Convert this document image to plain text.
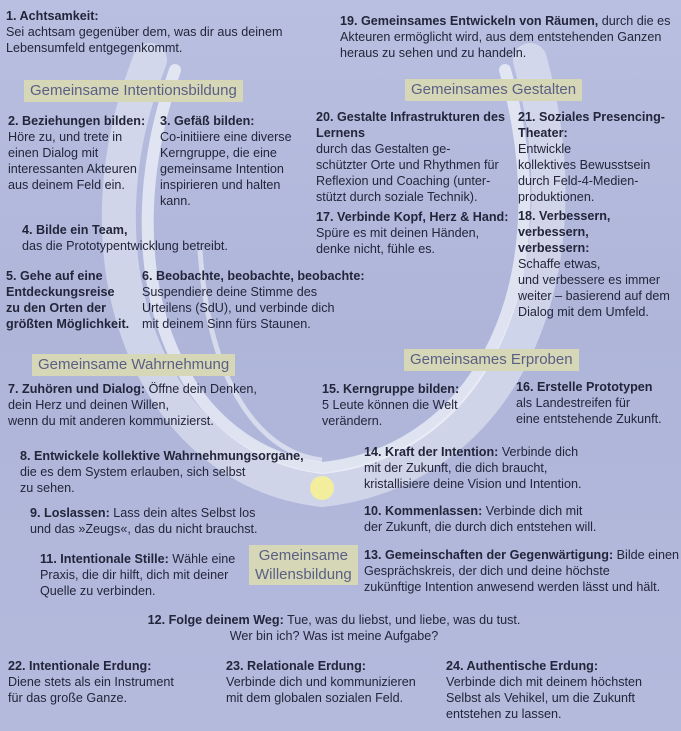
Gemeinsame Intentionsbildung	Gemeinsames Gestalten
Gemeinsame Wahrnehmung	Gemeinsames Erproben
Gemeinsame
Willensbildung
1. Achtsamkeit:
Sei achtsam gegenüber dem, was dir aus deinem
Lebensumfeld entgegenkommt.
19. Gemeinsames Entwickeln von Räumen, durch die es
Akteuren ermöglicht wird, aus dem entstehenden Ganzen
heraus zu sehen und zu handeln.
2. Beziehungen bilden:
Höre zu, und trete in
einen Dialog mit
interessanten Akteuren
aus deinem Feld ein.
3. Gefäß bilden:
Co-initiiere eine diverse
Kerngruppe, die eine
gemeinsame Intention
inspirieren und halten
kann.
20. Gestalte Infrastrukturen des
Lernens
durch das Gestalten ge-
schützter Orte und Rhythmen für
Reflexion und Coaching (unter-
stützt durch soziale Technik).
21. Soziales Presencing-
Theater:
Entwickle
kollektives Bewusstsein
durch Feld-4-Medien-
produktionen.
4. Bilde ein Team,
das die Prototypentwicklung betreibt.
17. Verbinde Kopf, Herz & Hand:
Spüre es mit deinen Händen,
denke nicht, fühle es.
18. Verbessern, verbessern,
verbessern:
Schaffe etwas,
und verbessere es immer
weiter – basierend auf dem
Dialog mit dem Umfeld.
5. Gehe auf eine
Entdeckungsreise
zu den Orten der
größten Möglichkeit.
6. Beobachte, beobachte, beobachte:
Suspendiere deine Stimme des
Urteilens (SdU), und verbinde dich
mit deinem Sinn fürs Staunen.
7. Zuhören und Dialog: Öffne dein Denken,
dein Herz und deinen Willen,
wenn du mit anderen kommunizierst.
15. Kerngruppe bilden:
5 Leute können die Welt
verändern.
16. Erstelle Prototypen
als Landestreifen für
eine entstehende Zukunft.
8. Entwickele kollektive Wahrnehmungsorgane,
die es dem System erlauben, sich selbst
zu sehen.
14. Kraft der Intention: Verbinde dich
mit der Zukunft, die dich braucht,
kristallisiere deine Vision und Intention.
9. Loslassen: Lass dein altes Selbst los
und das »Zeugs«, das du nicht brauchst.
10. Kommenlassen: Verbinde dich mit
der Zukunft, die durch dich entstehen will.
11. Intentionale Stille: Wähle eine
Praxis, die dir hilft, dich mit deiner
Quelle zu verbinden.
13. Gemeinschaften der Gegenwärtigung: Bilde einen
Gesprächskreis, der dich und deine höchste
zukünftige Intention anwesend werden lässt und hält.
12. Folge deinem Weg: Tue, was du liebst, und liebe, was du tust.
Wer bin ich? Was ist meine Aufgabe?
22. Intentionale Erdung:
Diene stets als ein Instrument
für das große Ganze.
23. Relationale Erdung:
Verbinde dich und kommunizieren
mit dem globalen sozialen Feld.
24. Authentische Erdung:
Verbinde dich mit deinem höchsten
Selbst als Vehikel, um die Zukunft
entstehen zu lassen.
